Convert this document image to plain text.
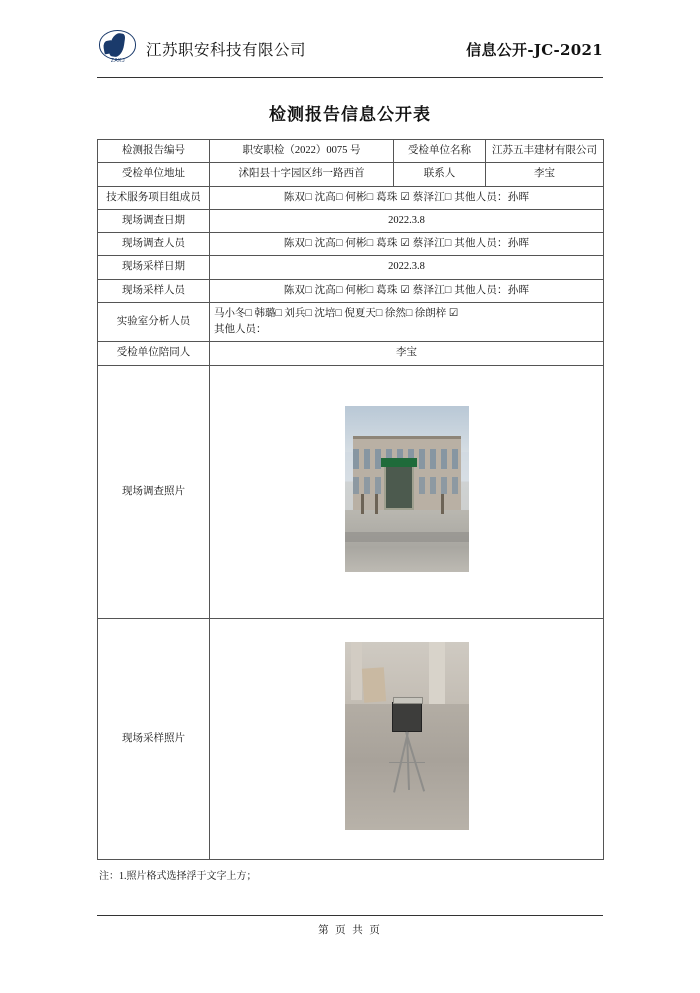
ZAKJ
江苏职安科技有限公司	信息公开-JC-2021
检测报告信息公开表
检测报告编号	职安职检（2022）0075 号	受检单位名称	江苏五丰建材有限公司
受检单位地址	沭阳县十字园区纬一路西首	联系人	李宝
技术服务项目组成员	陈双□ 沈高□ 何彬□ 葛珠 ☑ 蔡泽江□ 其他人员：孙晖		
现场调查日期	2022.3.8		
现场调查人员	陈双□ 沈高□ 何彬□ 葛珠 ☑ 蔡泽江□ 其他人员：孙晖		
现场采样日期	2022.3.8		
现场采样人员	陈双□ 沈高□ 何彬□ 葛珠 ☑ 蔡泽江□ 其他人员：孙晖		
实验室分析人员	马小冬□ 韩璐□ 刘兵□ 沈培□ 倪夏天□ 徐然□ 徐朗梓 ☑
其他人员：		

受检单位陪同人	李宝		
现场调查照片			

现场采样照片			
注：1.照片格式选择浮于文字上方；
第 页 共 页
